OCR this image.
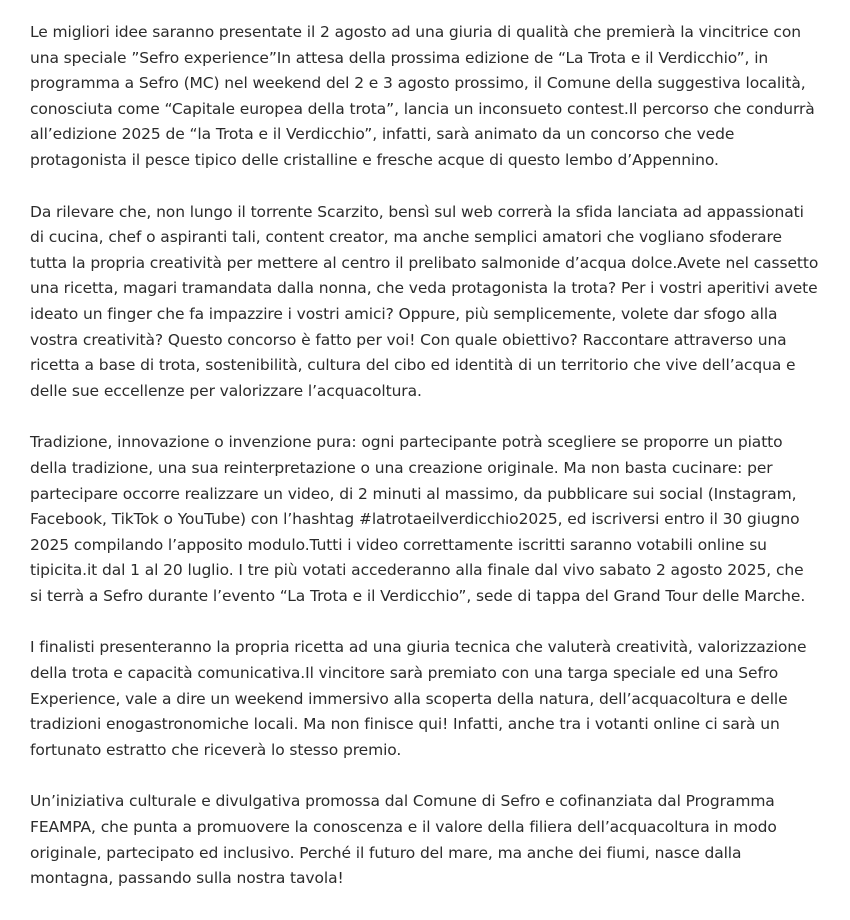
Le migliori idee saranno presentate il 2 agosto ad una giuria di qualità che premierà la vincitrice con una speciale ”Sefro experience”In attesa della prossima edizione de “La Trota e il Verdicchio”, in programma a Sefro (MC) nel weekend del 2 e 3 agosto prossimo, il Comune della suggestiva località, conosciuta come “Capitale europea della trota”, lancia un inconsueto contest.Il percorso che condurrà all’edizione 2025 de “la Trota e il Verdicchio”, infatti, sarà animato da un concorso che vede protagonista il pesce tipico delle cristalline e fresche acque di questo lembo d’Appennino.

Da rilevare che, non lungo il torrente Scarzito, bensì sul web correrà la sfida lanciata ad appassionati di cucina, chef o aspiranti tali, content creator, ma anche semplici amatori che vogliano sfoderare tutta la propria creatività per mettere al centro il prelibato salmonide d’acqua dolce.Avete nel cassetto una ricetta, magari tramandata dalla nonna, che veda protagonista la trota? Per i vostri aperitivi avete ideato un finger che fa impazzire i vostri amici? Oppure, più semplicemente, volete dar sfogo alla vostra creatività? Questo concorso è fatto per voi! Con quale obiettivo? Raccontare attraverso una ricetta a base di trota, sostenibilità, cultura del cibo ed identità di un territorio che vive dell’acqua e delle sue eccellenze per valorizzare l’acquacoltura.

Tradizione, innovazione o invenzione pura: ogni partecipante potrà scegliere se proporre un piatto della tradizione, una sua reinterpretazione o una creazione originale. Ma non basta cucinare: per partecipare occorre realizzare un video, di 2 minuti al massimo, da pubblicare sui social (Instagram, Facebook, TikTok o YouTube) con l’hashtag #latrotaeilverdicchio2025, ed iscriversi entro il 30 giugno 2025 compilando l’apposito modulo.Tutti i video correttamente iscritti saranno votabili online su tipicita.it dal 1 al 20 luglio. I tre più votati accederanno alla finale dal vivo sabato 2 agosto 2025, che si terrà a Sefro durante l’evento “La Trota e il Verdicchio”, sede di tappa del Grand Tour delle Marche.

I finalisti presenteranno la propria ricetta ad una giuria tecnica che valuterà creatività, valorizzazione della trota e capacità comunicativa.Il vincitore sarà premiato con una targa speciale ed una Sefro Experience, vale a dire un weekend immersivo alla scoperta della natura, dell’acquacoltura e delle tradizioni enogastronomiche locali. Ma non finisce qui! Infatti, anche tra i votanti online ci sarà un fortunato estratto che riceverà lo stesso premio.

Un’iniziativa culturale e divulgativa promossa dal Comune di Sefro e cofinanziata dal Programma FEAMPA, che punta a promuovere la conoscenza e il valore della filiera dell’acquacoltura in modo originale, partecipato ed inclusivo. Perché il futuro del mare, ma anche dei fiumi, nasce dalla montagna, passando sulla nostra tavola!
